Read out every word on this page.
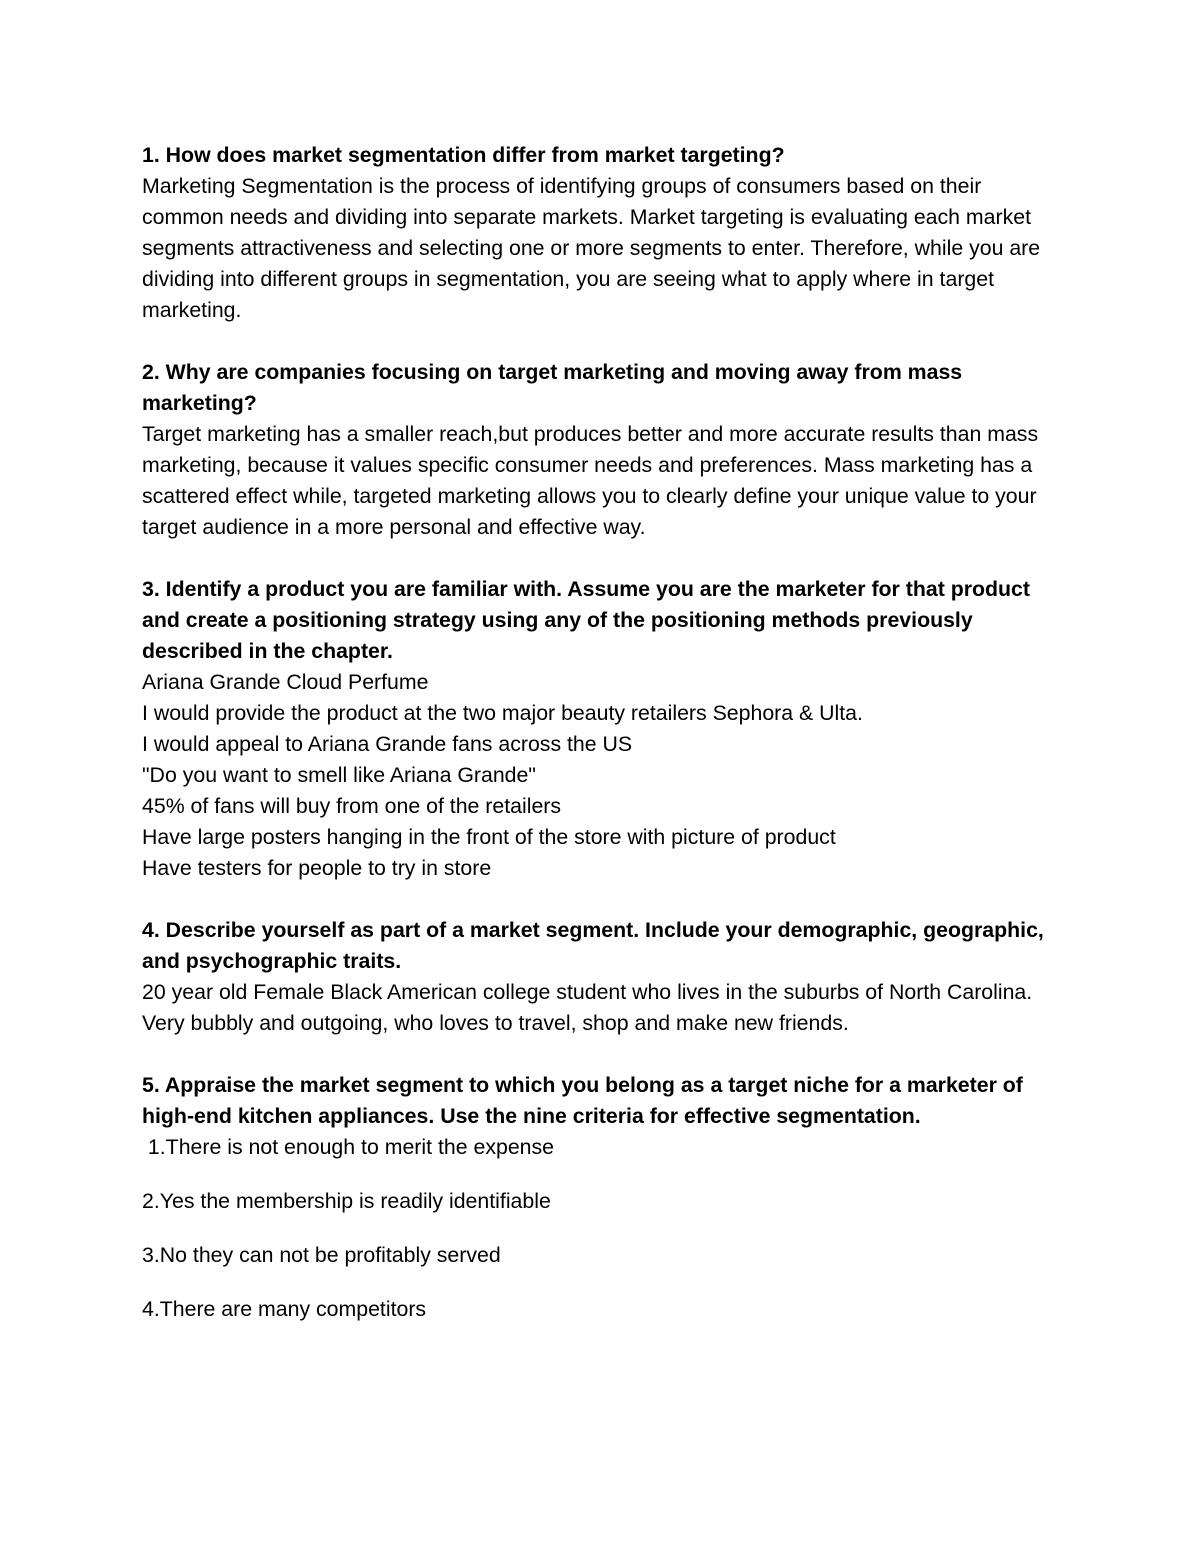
1. How does market segmentation differ from market targeting?

Marketing Segmentation is the process of identifying groups of consumers based on their common needs and dividing into separate markets. Market targeting is evaluating each market segments attractiveness and selecting one or more segments to enter. Therefore, while you are dividing into different groups in segmentation, you are seeing what to apply where in target marketing.

2. Why are companies focusing on target marketing and moving away from mass marketing?

Target marketing has a smaller reach,but produces better and more accurate results than mass marketing, because it values specific consumer needs and preferences. Mass marketing has a scattered effect while, targeted marketing allows you to clearly define your unique value to your target audience in a more personal and effective way.

3. Identify a product you are familiar with. Assume you are the marketer for that product and create a positioning strategy using any of the positioning methods previously described in the chapter.

Ariana Grande Cloud Perfume
I would provide the product at the two major beauty retailers Sephora & Ulta.
I would appeal to Ariana Grande fans across the US
"Do you want to smell like Ariana Grande"
45% of fans will buy from one of the retailers
Have large posters hanging in the front of the store with picture of product
Have testers for people to try in store

4. Describe yourself as part of a market segment. Include your demographic, geographic, and psychographic traits.

20 year old Female Black American college student who lives in the suburbs of North Carolina. Very bubbly and outgoing, who loves to travel, shop and make new friends.

5. Appraise the market segment to which you belong as a target niche for a marketer of high-end kitchen appliances. Use the nine criteria for effective segmentation.

1.There is not enough to merit the expense
2.Yes the membership is readily identifiable
3.No they can not be profitably served
4.There are many competitors
